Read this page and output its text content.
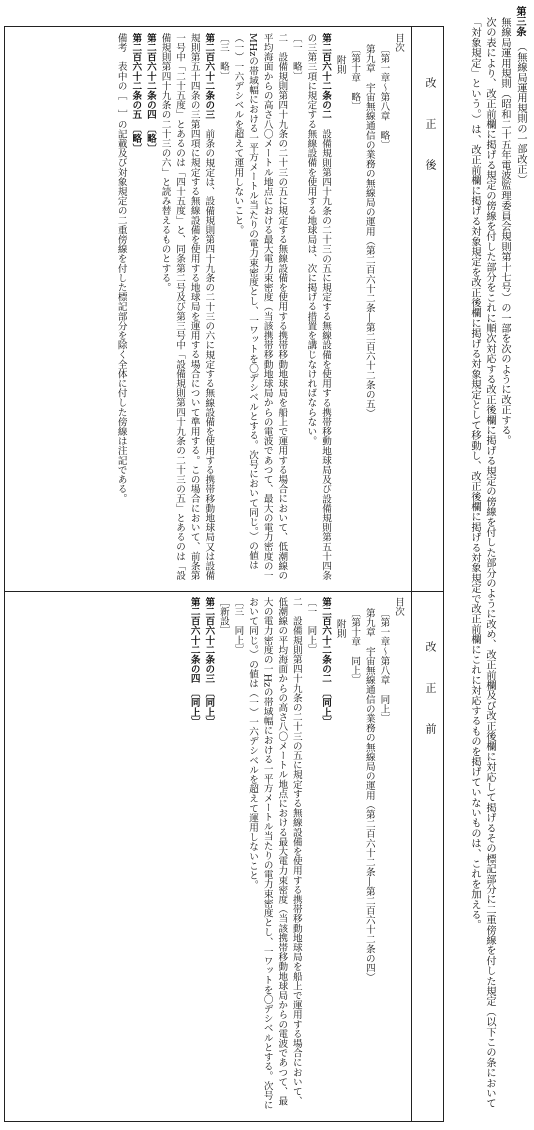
第三条　（無線局運用規則の一部改正）

無線局運用規則（昭和二十五年電波監理委員会規則第十七号）の一部を次のように改正する。

次の表により、改正前欄に掲げる規定の傍線を付した部分をこれに順次対応する改正後欄に掲げる規定の傍線を付した部分のように改め、改正前欄及び改正後欄に対応して掲げるその標記部分に二重傍線を付した規定（以下この条において「対象規定」という。）は、改正前欄に掲げる対象規定を改正後欄に掲げる対象規定として移動し、改正後欄に掲げる対象規定で改正前欄にこれに対応するものを掲げていないものは、これを加える。

改正後
改正前

目次

〔第一章～第八章　略〕

第九章　宇宙無線通信の業務の無線局の運用（第二百六十二条―第二百六十二条の五）

〔第十章　略〕

附則

第二百六十二条の二　設備規則第四十九条の二十三の五に規定する無線設備を使用する携帯移動地球局及び設備規則第五十四条の三第三項に規定する無線設備を使用する地球局は、次に掲げる措置を講じなければならない。

〔一　略〕

二　設備規則第四十九条の二十三の五に規定する無線設備を使用する携帯移動地球局を船上で運用する場合において、低潮線の平均海面からの高さ八〇メートル地点における最大電力束密度（当該携帯移動地球局からの電波であつて、最大の電力密度の一MHzの帯域幅における一平方メートル当たりの電力束密度とし、一ワットを〇デシベルとする。次号において同じ。）の値は（一）一六デシベルを超えて運用しないこと。

〔三　略〕

第二百六十二条の三　前条の規定は、設備規則第四十九条の二十三の六に規定する無線設備を使用する携帯移動地球局又は設備規則第五十四条の三第四項に規定する無線設備を使用する地球局を運用する場合について準用する。この場合において、前条第一号中「二十五度」とあるのは「四十五度」と、同条第二号及び第三号中「設備規則第四十九条の二十三の五」とあるのは「設備規則第四十九条の二十三の六」と読み替えるものとする。

第二百六十二条の四　〔略〕

第二百六十二条の五　〔略〕

備考　表中の［　］の記載及び対象規定の二重傍線を付した標記部分を除く全体に付した傍線は注記である。

目次

〔第一章～第八章　同上〕

第九章　宇宙無線通信の業務の無線局の運用（第二百六十二条―第二百六十二条の四）

〔第十章　同上〕

附則

第二百六十二条の二　〔同上〕

〔一　同上〕

二　設備規則第四十九条の二十三の五に規定する無線設備を使用する携帯移動地球局を船上で運用する場合において、低潮線の平均海面からの高さ八〇メートル地点における最大電力束密度（当該携帯移動地球局からの電波であつて、最大の電力密度の一Hzの帯域幅における一平方メートル当たりの電力束密度とし、一ワットを〇デシベルとする。次号において同じ。）の値は（一）一六デシベルを超えて運用しないこと。

〔三　同上〕

［新設］

第二百六十二条の三　〔同上〕

第二百六十二条の四　〔同上〕
